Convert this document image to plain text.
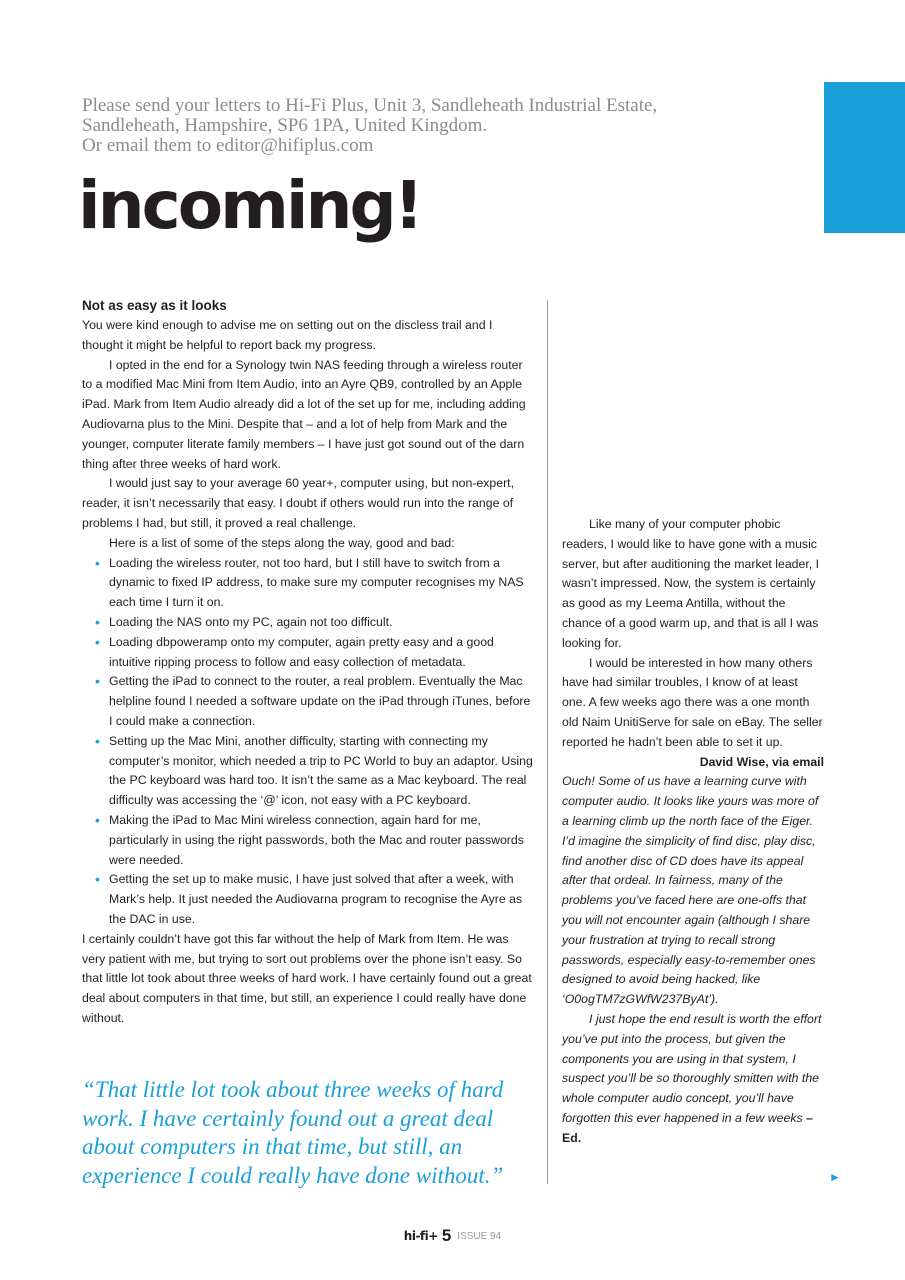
Please send your letters to Hi-Fi Plus, Unit 3, Sandleheath Industrial Estate,
Sandleheath, Hampshire, SP6 1PA, United Kingdom.
Or email them to editor@hifiplus.com
incoming!

Not as easy as it looks

You were kind enough to advise me on setting out on the discless trail and I thought it might be helpful to report back my progress.

I opted in the end for a Synology twin NAS feeding through a wireless router to a modified Mac Mini from Item Audio, into an Ayre QB9, controlled by an Apple iPad. Mark from Item Audio already did a lot of the set up for me, including adding Audiovarna plus to the Mini. Despite that – and a lot of help from Mark and the younger, computer literate family members – I have just got sound out of the darn thing after three weeks of hard work.

I would just say to your average 60 year+, computer using, but non-expert, reader, it isn’t necessarily that easy. I doubt if others would run into the range of problems I had, but still, it proved a real challenge.

Here is a list of some of the steps along the way, good and bad:

• Loading the wireless router, not too hard, but I still have to switch from a dynamic to fixed IP address, to make sure my computer recognises my NAS each time I turn it on.
• Loading the NAS onto my PC, again not too difficult.
• Loading dbpoweramp onto my computer, again pretty easy and a good intuitive ripping process to follow and easy collection of metadata.
• Getting the iPad to connect to the router, a real problem. Eventually the Mac helpline found I needed a software update on the iPad through iTunes, before I could make a connection.
• Setting up the Mac Mini, another difficulty, starting with connecting my computer’s monitor, which needed a trip to PC World to buy an adaptor. Using the PC keyboard was hard too. It isn’t the same as a Mac keyboard. The real difficulty was accessing the ‘@’ icon, not easy with a PC keyboard.
• Making the iPad to Mac Mini wireless connection, again hard for me, particularly in using the right passwords, both the Mac and router passwords were needed.
• Getting the set up to make music, I have just solved that after a week, with Mark’s help. It just needed the Audiovarna program to recognise the Ayre as the DAC in use.

I certainly couldn’t have got this far without the help of Mark from Item. He was very patient with me, but trying to sort out problems over the phone isn’t easy. So that little lot took about three weeks of hard work. I have certainly found out a great deal about computers in that time, but still, an experience I could really have done without.

Like many of your computer phobic readers, I would like to have gone with a music server, but after auditioning the market leader, I wasn’t impressed. Now, the system is certainly as good as my Leema Antilla, without the chance of a good warm up, and that is all I was looking for.

I would be interested in how many others have had similar troubles, I know of at least one. A few weeks ago there was a one month old Naim UnitiServe for sale on eBay. The seller reported he hadn’t been able to set it up.

David Wise, via email

Ouch! Some of us have a learning curve with computer audio. It looks like yours was more of a learning climb up the north face of the Eiger. I’d imagine the simplicity of find disc, play disc, find another disc of CD does have its appeal after that ordeal. In fairness, many of the problems you’ve faced here are one-offs that you will not encounter again (although I share your frustration at trying to recall strong passwords, especially easy-to-remember ones designed to avoid being hacked, like ‘O0ogTM7zGWfW237ByAt’).

I just hope the end result is worth the effort you’ve put into the process, but given the components you are using in that system, I suspect you’ll be so thoroughly smitten with the whole computer audio concept, you’ll have forgotten this ever happened in a few weeks – Ed.

“That little lot took about three weeks of hard work. I have certainly found out a great deal about computers in that time, but still, an experience I could really have done without.”	►
hi-fi+ 5 ISSUE 94
